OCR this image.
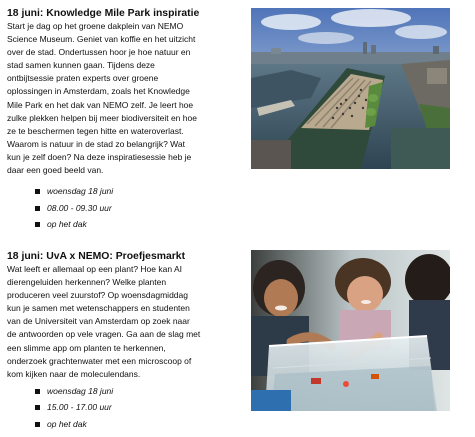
18 juni: Knowledge Mile Park inspiratie

Start je dag op het groene dakplein van NEMO
Science Museum. Geniet van koffie en het uitzicht
over de stad. Ondertussen hoor je hoe natuur en
stad samen kunnen gaan. Tijdens deze
ontbijtsessie praten experts over groene
oplossingen in Amsterdam, zoals het Knowledge
Mile Park en het dak van NEMO zelf. Je leert hoe
zulke plekken helpen bij meer biodiversiteit en hoe
ze te beschermen tegen hitte en wateroverlast.
Waarom is natuur in de stad zo belangrijk? Wat
kun je zelf doen? Na deze inspiratiesessie heb je
daar een goed beeld van.

woensdag 18 juni
08.00 - 09.30 uur
op het dak
18 juni: UvA x NEMO: Proefjesmarkt

Wat leeft er allemaal op een plant? Hoe kan AI
dierengeluiden herkennen? Welke planten
produceren veel zuurstof? Op woensdagmiddag
kun je samen met wetenschappers en studenten
van de Universiteit van Amsterdam op zoek naar
de antwoorden op vele vragen. Ga aan de slag met
een slimme app om planten te herkennen,
onderzoek grachtenwater met een microscoop of
kom kijken naar de moleculendans.

woensdag 18 juni
15.00 - 17.00 uur
op het dak
